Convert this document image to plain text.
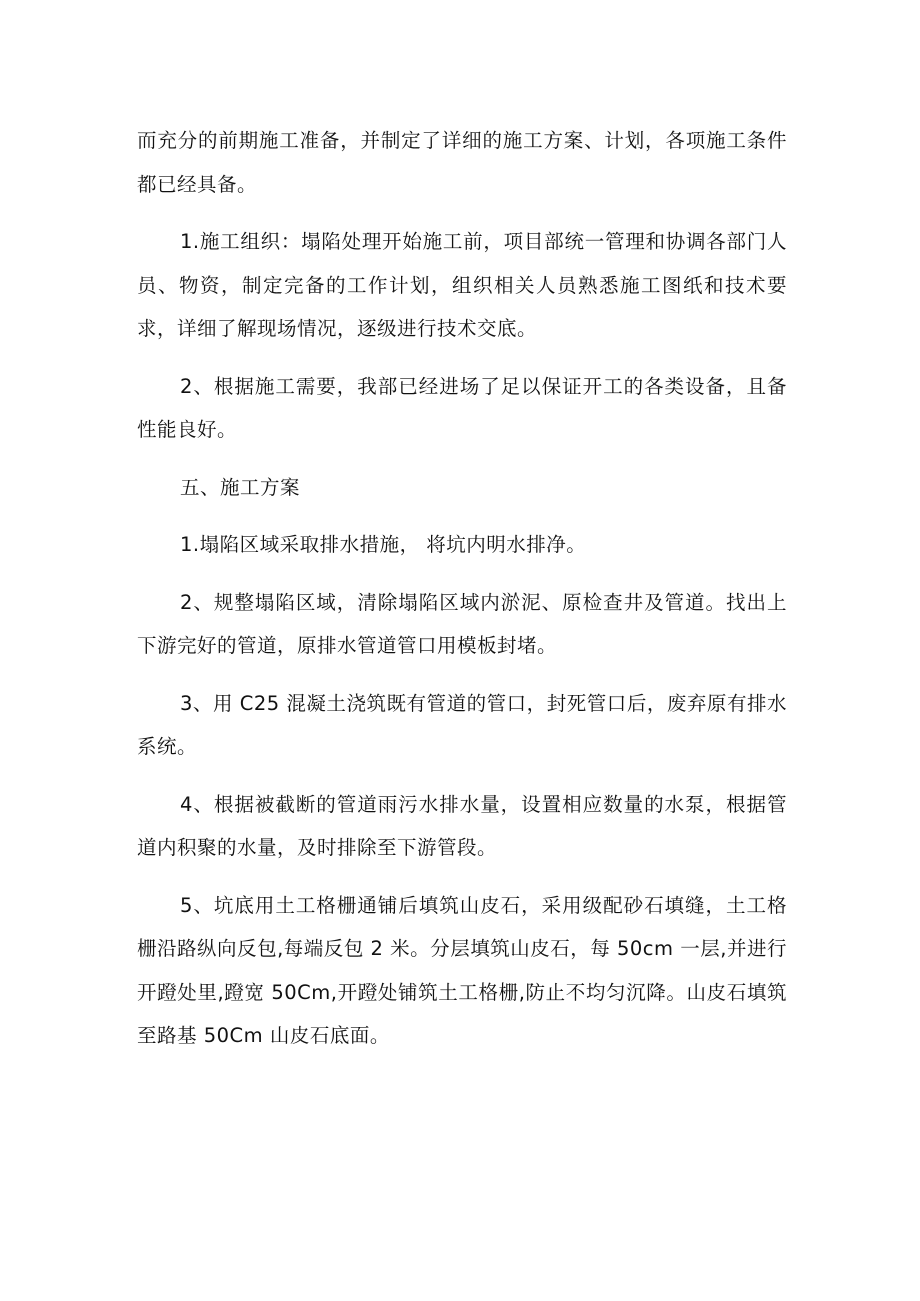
而充分的前期施工准备，并制定了详细的施工方案、计划，各项施工条件都已经具备。

1.施工组织：塌陷处理开始施工前，项目部统一管理和协调各部门人员、物资，制定完备的工作计划，组织相关人员熟悉施工图纸和技术要求，详细了解现场情况，逐级进行技术交底。

2、根据施工需要，我部已经进场了足以保证开工的各类设备，且备性能良好。

五、施工方案

1.塌陷区域采取排水措施， 将坑内明水排净。

2、规整塌陷区域，清除塌陷区域内淤泥、原检查井及管道。找出上下游完好的管道，原排水管道管口用模板封堵。

3、用 C25 混凝土浇筑既有管道的管口，封死管口后，废弃原有排水系统。

4、根据被截断的管道雨污水排水量，设置相应数量的水泵，根据管道内积聚的水量，及时排除至下游管段。

5、坑底用土工格栅通铺后填筑山皮石，采用级配砂石填缝，土工格栅沿路纵向反包,每端反包 2 米。分层填筑山皮石，每 50cm 一层,并进行开蹬处里,蹬宽 50Cm,开蹬处铺筑土工格栅,防止不均匀沉降。山皮石填筑至路基 50Cm 山皮石底面。
